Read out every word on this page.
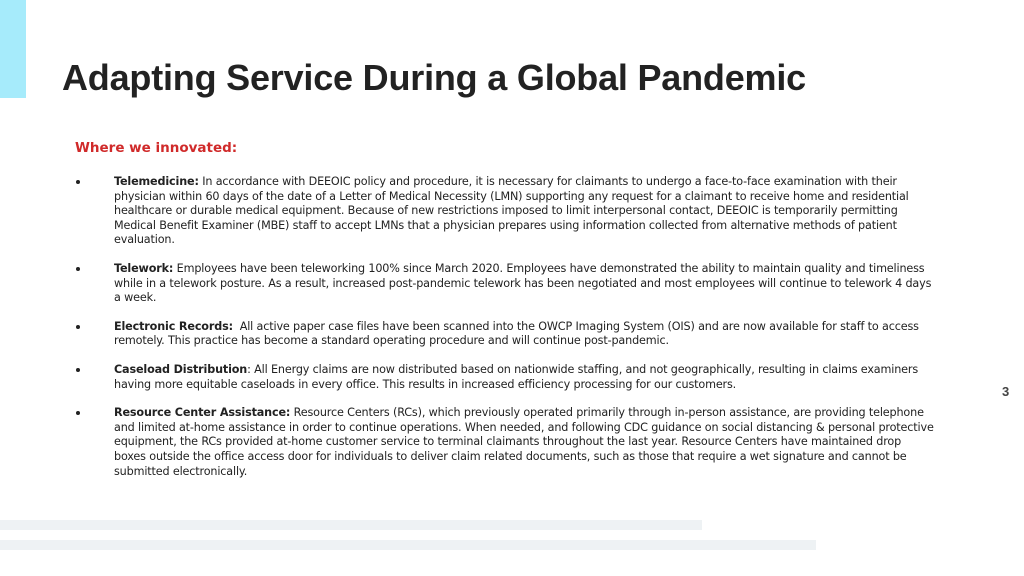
Adapting Service During a Global Pandemic
Where we innovated:
Telemedicine: In accordance with DEEOIC policy and procedure, it is necessary for claimants to undergo a face-to-face examination with their physician within 60 days of the date of a Letter of Medical Necessity (LMN) supporting any request for a claimant to receive home and residential healthcare or durable medical equipment. Because of new restrictions imposed to limit interpersonal contact, DEEOIC is temporarily permitting Medical Benefit Examiner (MBE) staff to accept LMNs that a physician prepares using information collected from alternative methods of patient evaluation.
Telework: Employees have been teleworking 100% since March 2020. Employees have demonstrated the ability to maintain quality and timeliness while in a telework posture. As a result, increased post-pandemic telework has been negotiated and most employees will continue to telework 4 days a week.
Electronic Records: All active paper case files have been scanned into the OWCP Imaging System (OIS) and are now available for staff to access remotely. This practice has become a standard operating procedure and will continue post-pandemic.
Caseload Distribution: All Energy claims are now distributed based on nationwide staffing, and not geographically, resulting in claims examiners having more equitable caseloads in every office. This results in increased efficiency processing for our customers.
Resource Center Assistance: Resource Centers (RCs), which previously operated primarily through in-person assistance, are providing telephone and limited at-home assistance in order to continue operations. When needed, and following CDC guidance on social distancing & personal protective equipment, the RCs provided at-home customer service to terminal claimants throughout the last year. Resource Centers have maintained drop boxes outside the office access door for individuals to deliver claim related documents, such as those that require a wet signature and cannot be submitted electronically.
3
